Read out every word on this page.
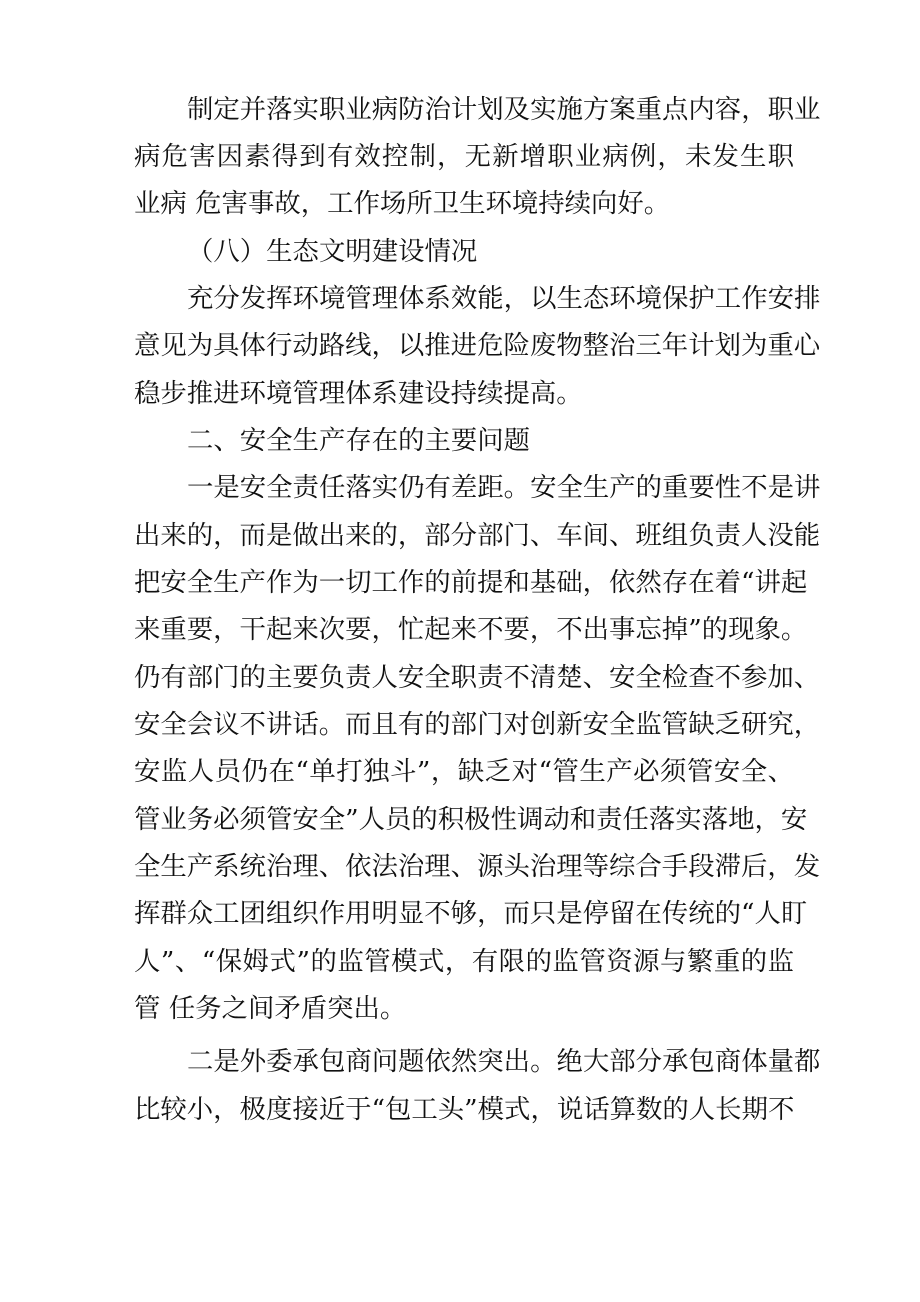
制定并落实职业病防治计划及实施方案重点内容，职业
病危害因素得到有效控制，无新增职业病例，未发生职
业病 危害事故，工作场所卫生环境持续向好。
（八）生态文明建设情况
充分发挥环境管理体系效能，以生态环境保护工作安排
意见为具体行动路线，以推进危险废物整治三年计划为重心
稳步推进环境管理体系建设持续提高。
二、安全生产存在的主要问题
一是安全责任落实仍有差距。安全生产的重要性不是讲
出来的，而是做出来的，部分部门、车间、班组负责人没能
把安全生产作为一切工作的前提和基础，依然存在着“讲起
来重要，干起来次要，忙起来不要，不出事忘掉”的现象。
仍有部门的主要负责人安全职责不清楚、安全检查不参加、
安全会议不讲话。而且有的部门对创新安全监管缺乏研究，
安监人员仍在“单打独斗”，缺乏对“管生产必须管安全、
管业务必须管安全”人员的积极性调动和责任落实落地，安
全生产系统治理、依法治理、源头治理等综合手段滞后，发
挥群众工团组织作用明显不够，而只是停留在传统的“人盯
人”、“保姆式”的监管模式，有限的监管资源与繁重的监
管 任务之间矛盾突出。
二是外委承包商问题依然突出。绝大部分承包商体量都
比较小，极度接近于“包工头”模式，说话算数的人长期不
